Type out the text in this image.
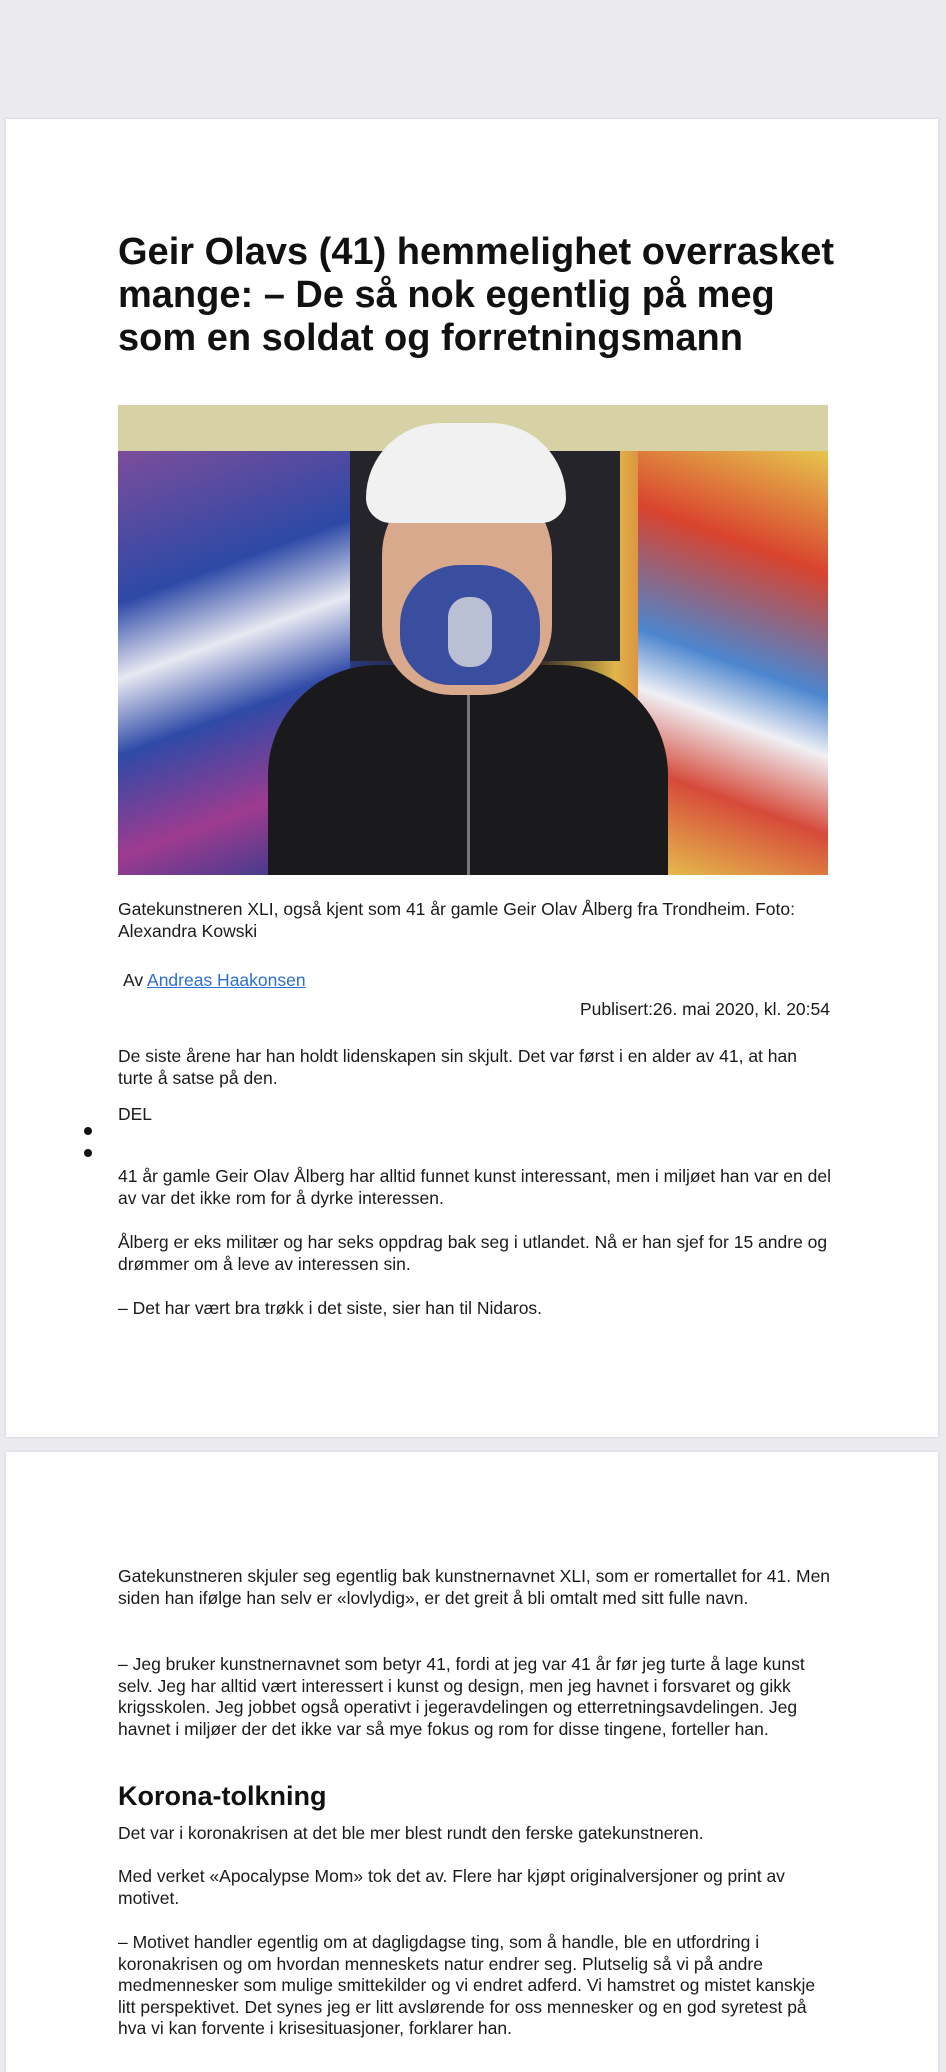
Geir Olavs (41) hemmelighet overrasket mange: – De så nok egentlig på meg som en soldat og forretningsmann

Gatekunstneren XLI, også kjent som 41 år gamle Geir Olav Ålberg fra Trondheim. Foto: Alexandra Kowski

Av Andreas Haakonsen
Publisert:26. mai 2020, kl. 20:54

De siste årene har han holdt lidenskapen sin skjult. Det var først i en alder av 41, at han turte å satse på den.

DEL

41 år gamle Geir Olav Ålberg har alltid funnet kunst interessant, men i miljøet han var en del av var det ikke rom for å dyrke interessen.

Ålberg er eks militær og har seks oppdrag bak seg i utlandet. Nå er han sjef for 15 andre og drømmer om å leve av interessen sin.

– Det har vært bra trøkk i det siste, sier han til Nidaros.

Gatekunstneren skjuler seg egentlig bak kunstnernavnet XLI, som er romertallet for 41. Men siden han ifølge han selv er «lovlydig», er det greit å bli omtalt med sitt fulle navn.

– Jeg bruker kunstnernavnet som betyr 41, fordi at jeg var 41 år før jeg turte å lage kunst selv. Jeg har alltid vært interessert i kunst og design, men jeg havnet i forsvaret og gikk krigsskolen. Jeg jobbet også operativt i jegeravdelingen og etterretningsavdelingen. Jeg havnet i miljøer der det ikke var så mye fokus og rom for disse tingene, forteller han.

Korona-tolkning

Det var i koronakrisen at det ble mer blest rundt den ferske gatekunstneren.

Med verket «Apocalypse Mom» tok det av. Flere har kjøpt originalversjoner og print av motivet.

– Motivet handler egentlig om at dagligdagse ting, som å handle, ble en utfordring i koronakrisen og om hvordan menneskets natur endrer seg. Plutselig så vi på andre medmennesker som mulige smittekilder og vi endret adferd. Vi hamstret og mistet kanskje litt perspektivet. Det synes jeg er litt avslørende for oss mennesker og en god syretest på hva vi kan forvente i krisesituasjoner, forklarer han.
